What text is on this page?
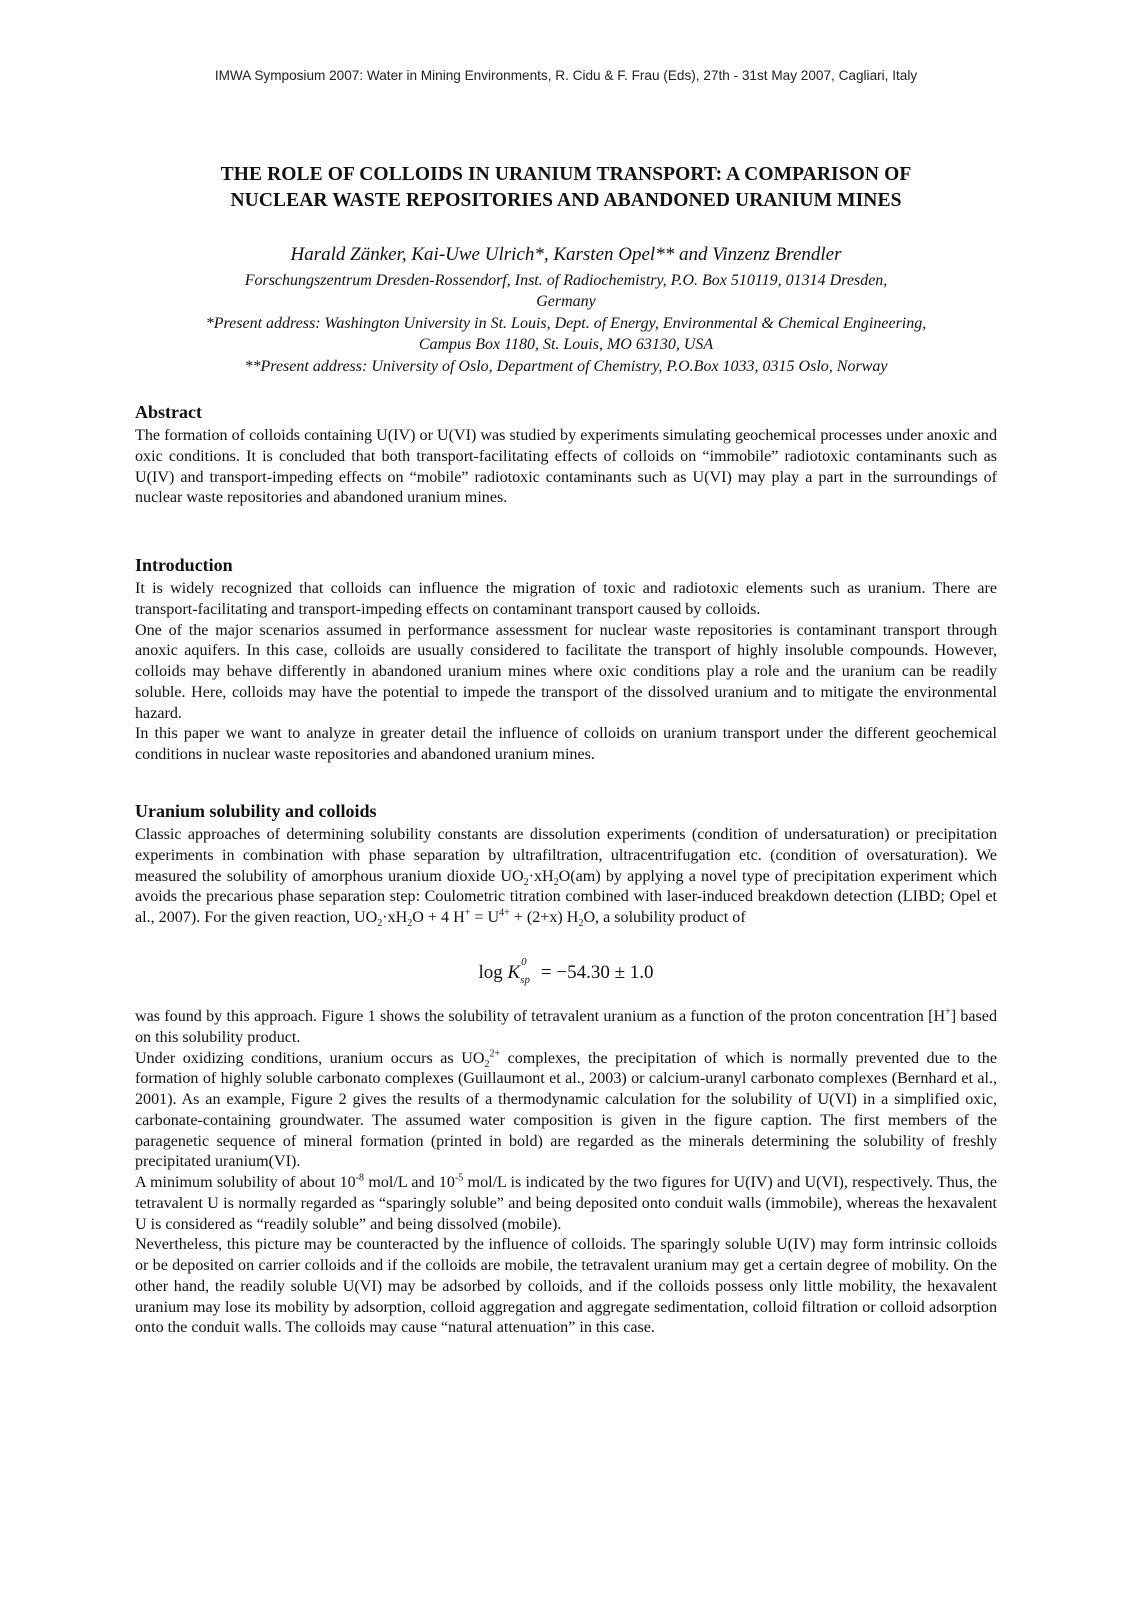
IMWA Symposium 2007: Water in Mining Environments, R. Cidu & F. Frau (Eds), 27th - 31st May 2007, Cagliari, Italy
THE ROLE OF COLLOIDS IN URANIUM TRANSPORT: A COMPARISON OF
NUCLEAR WASTE REPOSITORIES AND ABANDONED URANIUM MINES
Harald Zänker, Kai-Uwe Ulrich*, Karsten Opel** and Vinzenz Brendler
Forschungszentrum Dresden-Rossendorf, Inst. of Radiochemistry, P.O. Box 510119, 01314 Dresden,
Germany
*Present address: Washington University in St. Louis, Dept. of Energy, Environmental & Chemical Engineering,
Campus Box 1180, St. Louis, MO 63130, USA
**Present address: University of Oslo, Department of Chemistry, P.O.Box 1033, 0315 Oslo, Norway
Abstract
The formation of colloids containing U(IV) or U(VI) was studied by experiments simulating geochemical processes under anoxic and oxic conditions. It is concluded that both transport-facilitating effects of colloids on “immobile” radiotoxic contaminants such as U(IV) and transport-impeding effects on “mobile” radiotoxic contaminants such as U(VI) may play a part in the surroundings of nuclear waste repositories and abandoned uranium mines.
Introduction
It is widely recognized that colloids can influence the migration of toxic and radiotoxic elements such as uranium. There are transport-facilitating and transport-impeding effects on contaminant transport caused by colloids.
One of the major scenarios assumed in performance assessment for nuclear waste repositories is contaminant transport through anoxic aquifers. In this case, colloids are usually considered to facilitate the transport of highly insoluble compounds. However, colloids may behave differently in abandoned uranium mines where oxic conditions play a role and the uranium can be readily soluble. Here, colloids may have the potential to impede the transport of the dissolved uranium and to mitigate the environmental hazard.
In this paper we want to analyze in greater detail the influence of colloids on uranium transport under the different geochemical conditions in nuclear waste repositories and abandoned uranium mines.
Uranium solubility and colloids
Classic approaches of determining solubility constants are dissolution experiments (condition of undersaturation) or precipitation experiments in combination with phase separation by ultrafiltration, ultracentrifugation etc. (condition of oversaturation). We measured the solubility of amorphous uranium dioxide $UO_2\cdot xH_2O(am)$ by applying a novel type of precipitation experiment which avoids the precarious phase separation step: Coulometric titration combined with laser-induced breakdown detection (LIBD; Opel et al., 2007). For the given reaction, $UO_2\cdot xH_2O + 4$ $H^+ = U^{4+} + (2+x)$ $H_2O$, a solubility product of
log K 0
sp = −54.30 ± 1.0
was found by this approach. Figure 1 shows the solubility of tetravalent uranium as a function of the proton concentration [H+] based on this solubility product.
Under oxidizing conditions, uranium occurs as $UO_2^{2+}$ complexes, the precipitation of which is normally prevented due to the formation of highly soluble carbonato complexes (Guillaumont et al., 2003) or calcium-uranyl carbonato complexes (Bernhard et al., 2001). As an example, Figure 2 gives the results of a thermodynamic calculation for the solubility of U(VI) in a simplified oxic, carbonate-containing groundwater. The assumed water composition is given in the figure caption. The first members of the paragenetic sequence of mineral formation (printed in bold) are regarded as the minerals determining the solubility of freshly precipitated uranium(VI).
A minimum solubility of about $10^{-8}$ mol/L and $10^{-5}$ mol/L is indicated by the two figures for U(IV) and U(VI), respectively. Thus, the tetravalent U is normally regarded as “sparingly soluble” and being deposited onto conduit walls (immobile), whereas the hexavalent U is considered as “readily soluble” and being dissolved (mobile).
Nevertheless, this picture may be counteracted by the influence of colloids. The sparingly soluble U(IV) may form intrinsic colloids or be deposited on carrier colloids and if the colloids are mobile, the tetravalent uranium may get a certain degree of mobility. On the other hand, the readily soluble U(VI) may be adsorbed by colloids, and if the colloids possess only little mobility, the hexavalent uranium may lose its mobility by adsorption, colloid aggregation and aggregate sedimentation, colloid filtration or colloid adsorption onto the conduit walls. The colloids may cause “natural attenuation” in this case.
